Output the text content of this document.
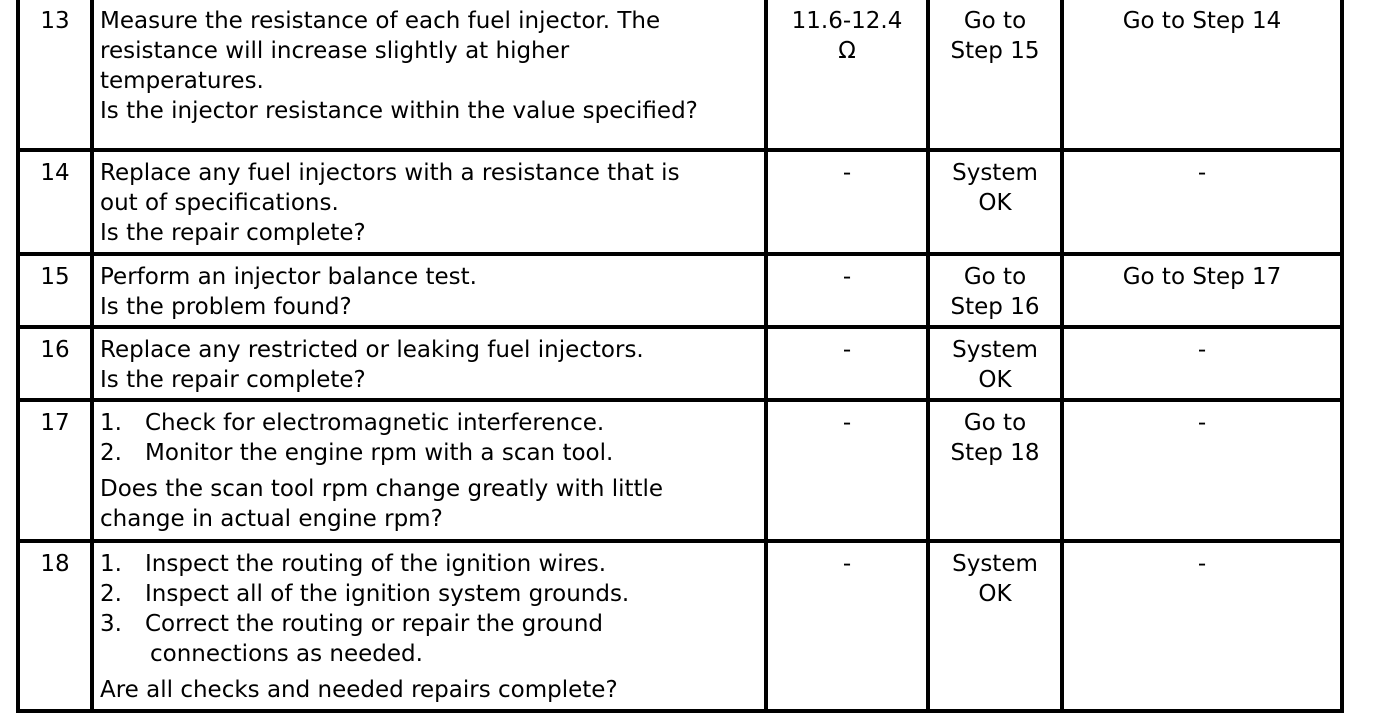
13	Measure the resistance of each fuel injector. The
resistance will increase slightly at higher
temperatures.
Is the injector resistance within the value specified?	11.6-12.4
Ω	Go to
Step 15	Go to Step 14
14	Replace any fuel injectors with a resistance that is
out of specifications.
Is the repair complete?	-	System
OK	-
15	Perform an injector balance test.
Is the problem found?	-	Go to
Step 16	Go to Step 17
16	Replace any restricted or leaking fuel injectors.
Is the repair complete?	-	System
OK	-
17	1. Check for electromagnetic interference.
2. Monitor the engine rpm with a scan tool.
Does the scan tool rpm change greatly with little
change in actual engine rpm?	-	Go to
Step 18	-
18	1. Inspect the routing of the ignition wires.
2. Inspect all of the ignition system grounds.
3. Correct the routing or repair the ground
connections as needed.
Are all checks and needed repairs complete?	-	System
OK	-
